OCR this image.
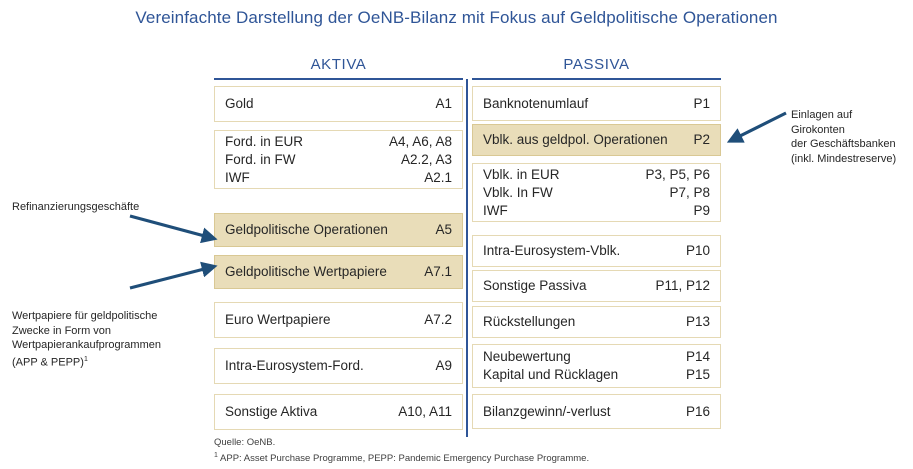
Vereinfachte Darstellung der OeNB-Bilanz mit Fokus auf Geldpolitische Operationen
AKTIVA	PASSIVA
Gold	A1
Ford. in EUR	A4, A6, A8
Ford. in FW	A2.2, A3
IWF	A2.1
Geldpolitische Operationen	A5
Geldpolitische Wertpapiere	A7.1
Euro Wertpapiere	A7.2
Intra-Eurosystem-Ford.	A9
Sonstige Aktiva	A10, A11
Banknotenumlauf	P1
Vblk. aus geldpol. Operationen	P2
Vblk. in EUR	P3, P5, P6
Vblk. In FW	P7, P8
IWF	P9
Intra-Eurosystem-Vblk.	P10
Sonstige Passiva	P11, P12
Rückstellungen	P13
Neubewertung	P14
Kapital und Rücklagen	P15
Bilanzgewinn/-verlust	P16
Refinanzierungsgeschäfte
Wertpapiere für geldpolitische
Zwecke in Form von
Wertpapierankaufprogrammen
(APP & PEPP)$^1$
Einlagen auf Girokonten
der Geschäftsbanken
(inkl. Mindestreserve)
Quelle: OeNB.
$^1$ APP: Asset Purchase Programme, PEPP: Pandemic Emergency Purchase Programme.
